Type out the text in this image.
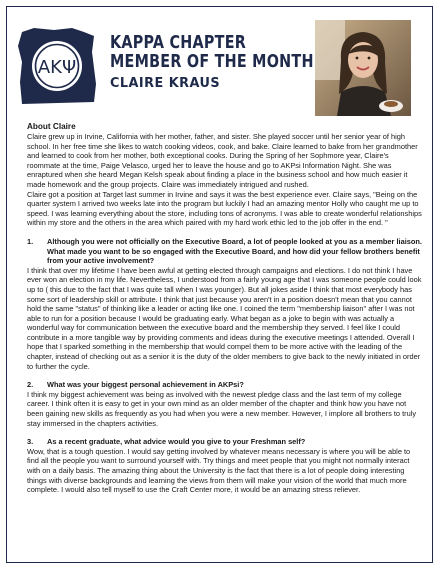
AKΨ
KAPPA CHAPTER
MEMBER OF THE MONTH
CLAIRE KRAUS

About Claire

Claire grew up in Irvine, California with her mother, father, and sister. She played soccer until her senior year of high school. In her free time she likes to watch cooking videos, cook, and bake. Claire learned to bake from her grandmother and learned to cook from her mother, both exceptional cooks. During the Spring of her Sophmore year, Claire's roommate at the time, Paige Velasco, urged her to leave the house and go to AKPsi Information Night. She was enraptured when she heard Megan Kelsh speak about finding a place in the business school and how much easier it made homework and the group projects. Claire was immediately intrigued and rushed.

Claire got a position at Target last summer in Irvine and says it was the best experience ever. Claire says, "Being on the quarter system I arrived two weeks late into the program but luckily I had an amazing mentor Holly who caught me up to speed. I was learning everything about the store, including tons of acronyms. I was able to create wonderful relationships within my store and the others in the area which paired with my hard work ethic led to the job offer in the end. "

1.	Although you were not officially on the Executive Board, a lot of people looked at you as a member liaison. What made you want to be so engaged with the Executive Board, and how did your fellow brothers benefit from your active involvement?

I think that over my lifetime I have been awful at getting elected through campaigns and elections. I do not think I have ever won an election in my life. Nevertheless, I understood from a fairly young age that I was someone people could look up to ( this due to the fact that I was quite tall when I was younger). But all jokes aside I think that most everybody has some sort of leadership skill or attribute. I think that just because you aren't in a position doesn't mean that you cannot hold the same "status" of thinking like a leader or acting like one. I coined the term "membership liaison" after I was not able to run for a position because I would be graduating early. What began as a joke to begin with was actually a wonderful way for communication between the executive board and the membership they served. I feel like I could contribute in a more tangible way by providing comments and ideas during the executive meetings I attended. Overall I hope that I sparked something in the membership that would compel them to be more active with the leading of the chapter, instead of checking out as a senior it is the duty of the older members to give back to the newly initiated in order to further the cycle.

2.	What was your biggest personal achievement in AKPsi?

I think my biggest achievement was being as involved with the newest pledge class and the last term of my college career. I think often it is easy to get in your own mind as an older member of the chapter and think how you have not been gaining new skills as frequently as you had when you were a new member. However, I implore all brothers to truly stay immersed in the chapters activities.

3.	As a recent graduate, what advice would you give to your Freshman self?

Wow, that is a tough question. I would say getting involved by whatever means necessary is where you will be able to find all the people you want to surround yourself with. Try things and meet people that you might not normally interact with on a daily basis. The amazing thing about the University is the fact that there is a lot of people doing interesting things with diverse backgrounds and learning the views from them will make your vision of the world that much more complete. I would also tell myself to use the Craft Center more, it would be an amazing stress reliever.
